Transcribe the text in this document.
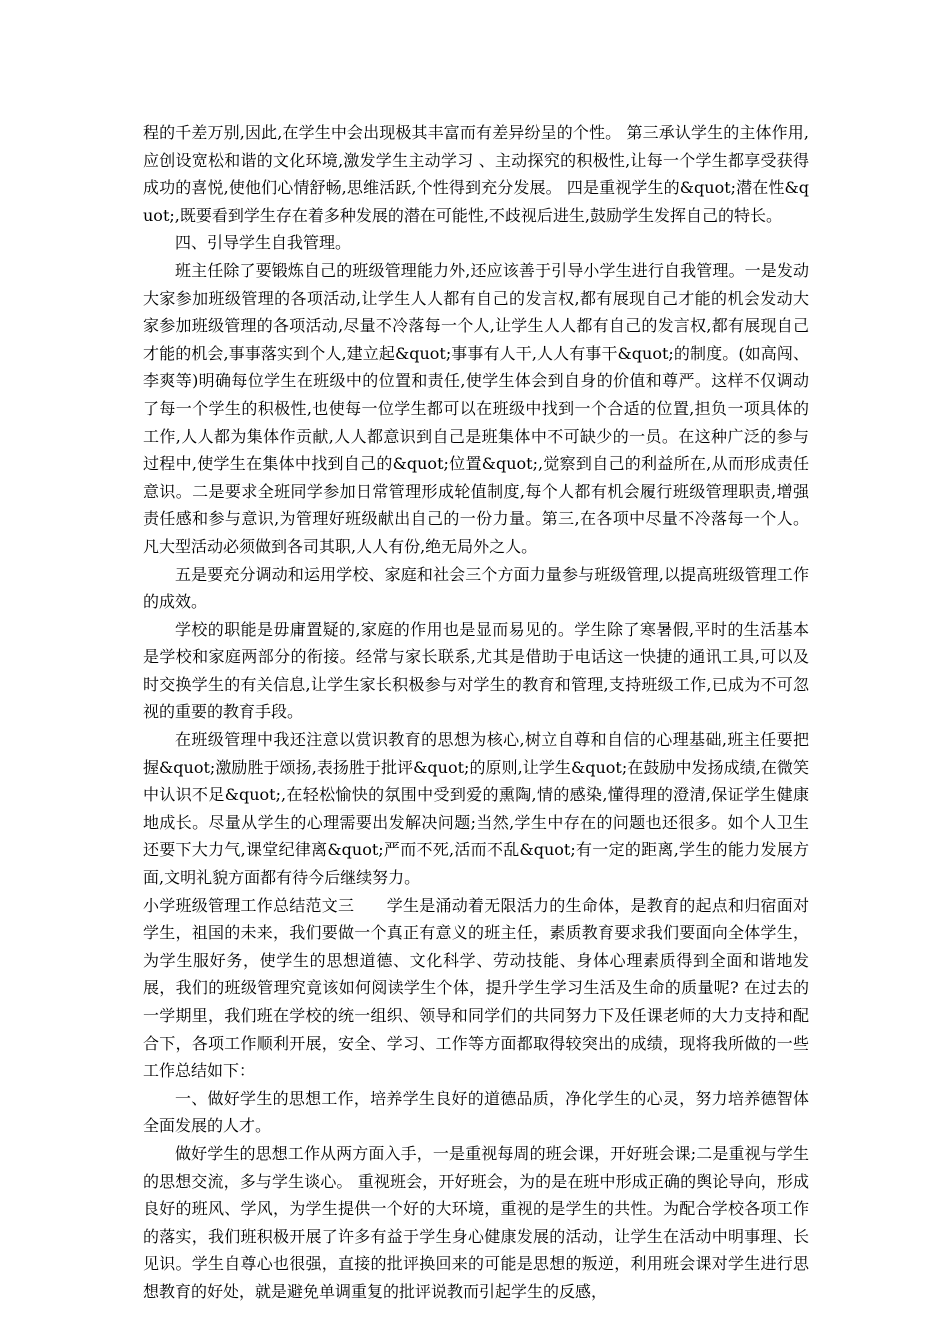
程的千差万别,因此,在学生中会出现极其丰富而有差异纷呈的个性。 第三承认学生的主体作用,应创设宽松和谐的文化环境,激发学生主动学习 、主动探究的积极性,让每一个学生都享受获得成功的喜悦,使他们心情舒畅,思维活跃,个性得到充分发展。 四是重视学生的&quot;潜在性&quot;,既要看到学生存在着多种发展的潜在可能性,不歧视后进生,鼓励学生发挥自己的特长。

四、引导学生自我管理。

班主任除了要锻炼自己的班级管理能力外,还应该善于引导小学生进行自我管理。一是发动大家参加班级管理的各项活动,让学生人人都有自己的发言权,都有展现自己才能的机会发动大家参加班级管理的各项活动,尽量不冷落每一个人,让学生人人都有自己的发言权,都有展现自己才能的机会,事事落实到个人,建立起&quot;事事有人干,人人有事干&quot;的制度。(如高闯、李爽等)明确每位学生在班级中的位置和责任,使学生体会到自身的价值和尊严。这样不仅调动了每一个学生的积极性,也使每一位学生都可以在班级中找到一个合适的位置,担负一项具体的工作,人人都为集体作贡献,人人都意识到自己是班集体中不可缺少的一员。在这种广泛的参与过程中,使学生在集体中找到自己的&quot;位置&quot;,觉察到自己的利益所在,从而形成责任意识。二是要求全班同学参加日常管理形成轮值制度,每个人都有机会履行班级管理职责,增强责任感和参与意识,为管理好班级献出自己的一份力量。第三,在各项中尽量不冷落每一个人。凡大型活动必须做到各司其职,人人有份,绝无局外之人。

五是要充分调动和运用学校、家庭和社会三个方面力量参与班级管理,以提高班级管理工作的成效。

学校的职能是毋庸置疑的,家庭的作用也是显而易见的。学生除了寒暑假,平时的生活基本是学校和家庭两部分的衔接。经常与家长联系,尤其是借助于电话这一快捷的通讯工具,可以及时交换学生的有关信息,让学生家长积极参与对学生的教育和管理,支持班级工作,已成为不可忽视的重要的教育手段。

在班级管理中我还注意以赏识教育的思想为核心,树立自尊和自信的心理基础,班主任要把握&quot;激励胜于颂扬,表扬胜于批评&quot;的原则,让学生&quot;在鼓励中发扬成绩,在微笑中认识不足&quot;,在轻松愉快的氛围中受到爱的熏陶,情的感染,懂得理的澄清,保证学生健康地成长。尽量从学生的心理需要出发解决问题;当然,学生中存在的问题也还很多。如个人卫生还要下大力气,课堂纪律离&quot;严而不死,活而不乱&quot;有一定的距离,学生的能力发展方面,文明礼貌方面都有待今后继续努力。

小学班级管理工作总结范文三　　学生是涌动着无限活力的生命体，是教育的起点和归宿面对学生，祖国的未来，我们要做一个真正有意义的班主任，素质教育要求我们要面向全体学生，为学生服好务，使学生的思想道德、文化科学、劳动技能、身体心理素质得到全面和谐地发展，我们的班级管理究竟该如何阅读学生个体，提升学生学习生活及生命的质量呢? 在过去的一学期里，我们班在学校的统一组织、领导和同学们的共同努力下及任课老师的大力支持和配合下，各项工作顺利开展，安全、学习、工作等方面都取得较突出的成绩，现将我所做的一些工作总结如下：

一、做好学生的思想工作，培养学生良好的道德品质，净化学生的心灵，努力培养德智体全面发展的人才。

做好学生的思想工作从两方面入手，一是重视每周的班会课，开好班会课;二是重视与学生的思想交流，多与学生谈心。 重视班会，开好班会，为的是在班中形成正确的舆论导向，形成良好的班风、学风，为学生提供一个好的大环境，重视的是学生的共性。为配合学校各项工作的落实，我们班积极开展了许多有益于学生身心健康发展的活动，让学生在活动中明事理、长见识。学生自尊心也很强，直接的批评换回来的可能是思想的叛逆，利用班会课对学生进行思想教育的好处，就是避免单调重复的批评说教而引起学生的反感，
